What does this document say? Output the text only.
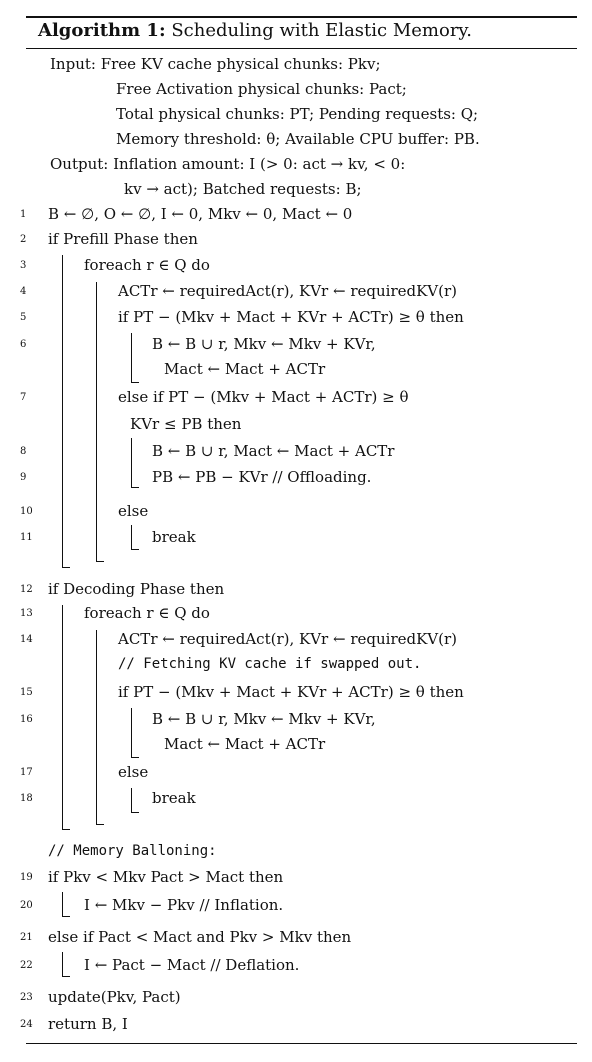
Algorithm 1: Scheduling with Elastic Memory.
Input: Free KV cache physical chunks: Pkv;
Free Activation physical chunks: Pact;
Total physical chunks: PT; Pending requests: Q;
Memory threshold: θ; Available CPU buffer: PB.
Output: Inflation amount: I (> 0: act → kv, < 0:
kv → act); Batched requests: B;
1	B ← ∅, O ← ∅, I ← 0, Mkv ← 0, Mact ← 0
2	if Prefill Phase then
3	foreach r ∈ Q do
4	ACTr ← requiredAct(r), KVr ← requiredKV(r)
5	if PT − (Mkv + Mact + KVr + ACTr) ≥ θ then
6	B ← B ∪ r, Mkv ← Mkv + KVr,
Mact ← Mact + ACTr
7	else if PT − (Mkv + Mact + ACTr) ≥ θ
KVr ≤ PB then
8	B ← B ∪ r, Mact ← Mact + ACTr
9	PB ← PB − KVr // Offloading.
10	else
11	break
12	if Decoding Phase then
13	foreach r ∈ Q do
14	ACTr ← requiredAct(r), KVr ← requiredKV(r)
// Fetching KV cache if swapped out.
15	if PT − (Mkv + Mact + KVr + ACTr) ≥ θ then
16	B ← B ∪ r, Mkv ← Mkv + KVr,
Mact ← Mact + ACTr
17	else
18	break
// Memory Balloning:
19	if Pkv < Mkv Pact > Mact then
20	I ← Mkv − Pkv // Inflation.
21	else if Pact < Mact and Pkv > Mkv then
22	I ← Pact − Mact // Deflation.
23	update(Pkv, Pact)
24	return B, I
